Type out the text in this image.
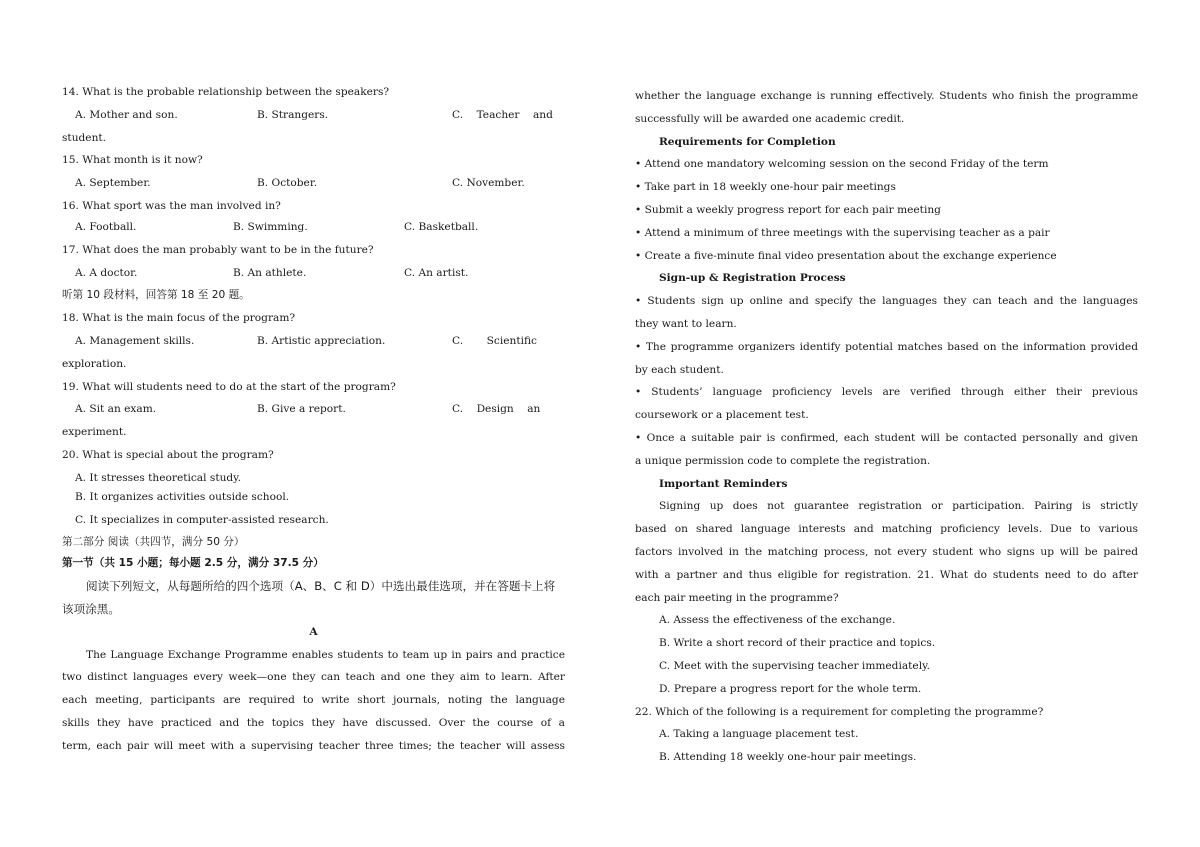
14. What is the probable relationship between the speakers?
A. Mother and son.	B. Strangers.	C.    Teacher    and
student.
15. What month is it now?
A. September.	B. October.	C. November.
16. What sport was the man involved in?
A. Football.	B. Swimming.	C. Basketball.
17. What does the man probably want to be in the future?
A. A doctor.	B. An athlete.	C. An artist.
听第 10 段材料，回答第 18 至 20 题。
18. What is the main focus of the program?
A. Management skills.	B. Artistic appreciation.	C.       Scientific
exploration.
19. What will students need to do at the start of the program?
A. Sit an exam.	B. Give a report.	C.    Design    an
experiment.
20. What is special about the program?
A. It stresses theoretical study.
B. It organizes activities outside school.
C. It specializes in computer-assisted research.
第二部分 阅读（共四节，满分 50 分）
第一节（共 15 小题；每小题 2.5 分，满分 37.5 分）
阅读下列短文，从每题所给的四个选项（A、B、C 和 D）中选出最佳选项，并在答题卡上将
该项涂黑。
A
The Language Exchange Programme enables students to team up in pairs and practice
two distinct languages every week—one they can teach and one they aim to learn. After
each meeting, participants are required to write short journals, noting the language
skills they have practiced and the topics they have discussed. Over the course of a
term, each pair will meet with a supervising teacher three times; the teacher will assess
whether the language exchange is running effectively. Students who finish the programme
successfully will be awarded one academic credit.
Requirements for Completion
• Attend one mandatory welcoming session on the second Friday of the term
• Take part in 18 weekly one-hour pair meetings
• Submit a weekly progress report for each pair meeting
• Attend a minimum of three meetings with the supervising teacher as a pair
• Create a five-minute final video presentation about the exchange experience
Sign-up & Registration Process
• Students sign up online and specify the languages they can teach and the languages
they want to learn.
• The programme organizers identify potential matches based on the information provided
by each student.
• Students’ language proficiency levels are verified through either their previous
coursework or a placement test.
• Once a suitable pair is confirmed, each student will be contacted personally and given
a unique permission code to complete the registration.
Important Reminders
Signing up does not guarantee registration or participation. Pairing is strictly
based on shared language interests and matching proficiency levels. Due to various
factors involved in the matching process, not every student who signs up will be paired
with a partner and thus eligible for registration. 21. What do students need to do after
each pair meeting in the programme?
A. Assess the effectiveness of the exchange.
B. Write a short record of their practice and topics.
C. Meet with the supervising teacher immediately.
D. Prepare a progress report for the whole term.
22. Which of the following is a requirement for completing the programme?
A. Taking a language placement test.
B. Attending 18 weekly one-hour pair meetings.
